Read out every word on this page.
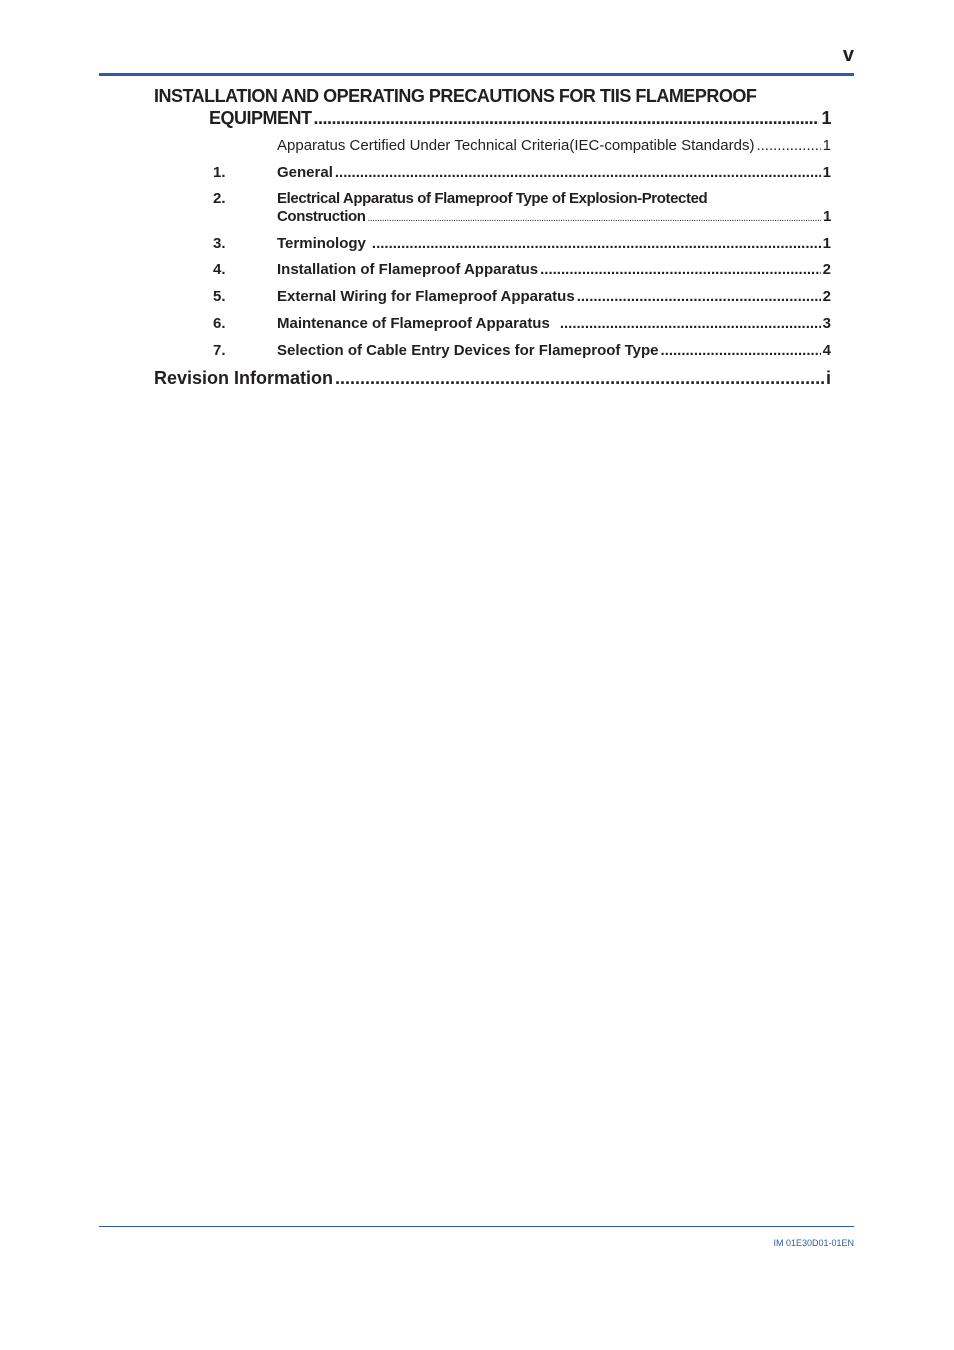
v
INSTALLATION AND OPERATING PRECAUTIONS FOR TIIS FLAMEPROOF
EQUIPMENT .....	1
Apparatus Certified Under Technical Criteria(IEC-compatible Standards) .....	1
1.	General .....	1
2.	Electrical Apparatus of Flameproof Type of Explosion-Protected
Construction .....	1
3.	Terminology .....	1
4.	Installation of Flameproof Apparatus .....	2
5.	External Wiring for Flameproof Apparatus .....	2
6.	Maintenance of Flameproof Apparatus .....	3
7.	Selection of Cable Entry Devices for Flameproof Type .....	4
Revision Information .....	i
IM 01E30D01-01EN
